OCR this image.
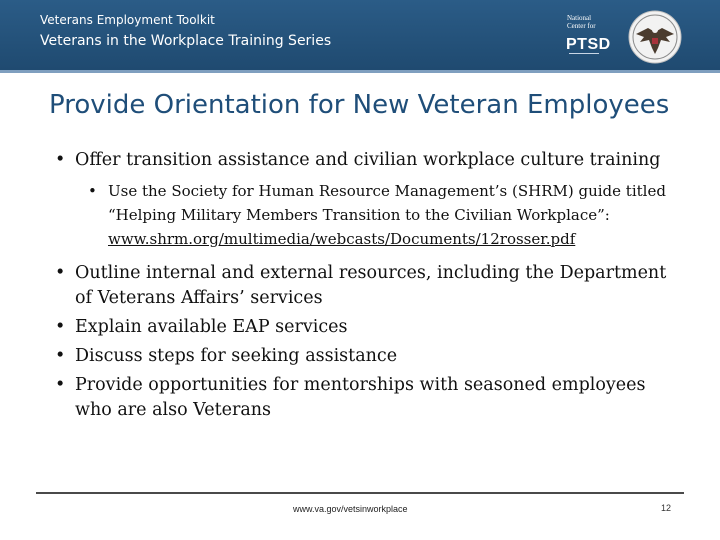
Veterans Employment Toolkit
Veterans in the Workplace Training Series
National Center for
PTSD
Provide Orientation for New Veteran Employees
• Offer transition assistance and civilian workplace culture training
• Use the Society for Human Resource Management’s (SHRM) guide titled “Helping Military Members Transition to the Civilian Workplace”:
www.shrm.org/multimedia/webcasts/Documents/12rosser.pdf
• Outline internal and external resources, including the Department of Veterans Affairs’ services
• Explain available EAP services
• Discuss steps for seeking assistance
• Provide opportunities for mentorships with seasoned employees who are also Veterans
www.va.gov/vetsinworkplace	12
